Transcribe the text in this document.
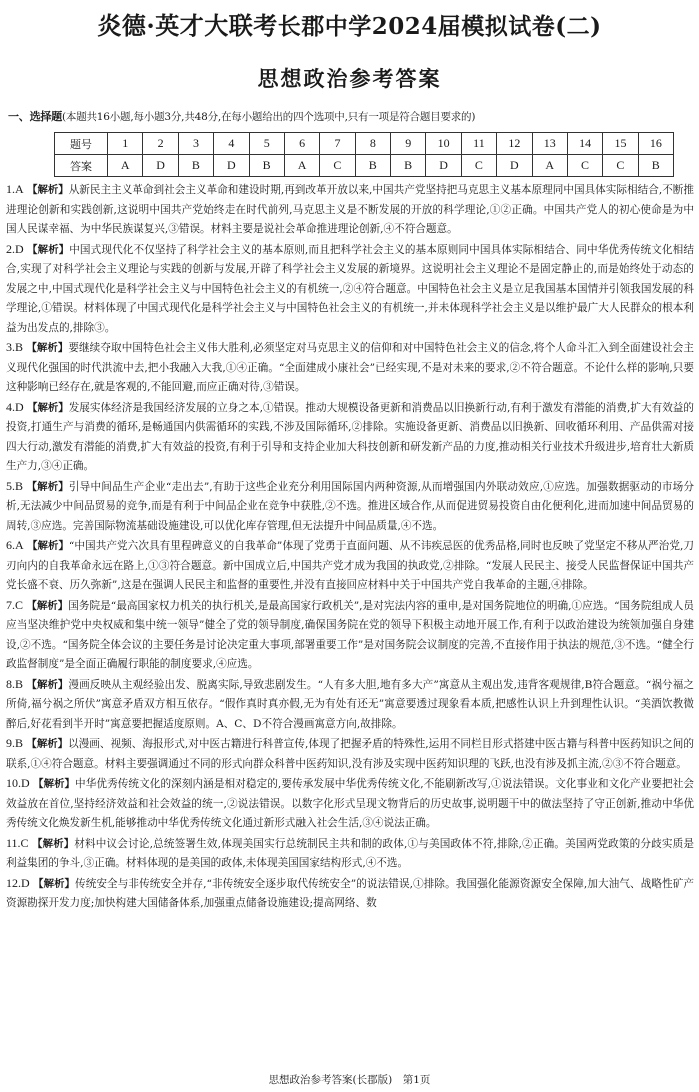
炎德·英才大联考长郡中学2024届模拟试卷(二)
思想政治参考答案
一、选择题(本题共16小题,每小题3分,共48分,在每小题给出的四个选项中,只有一项是符合题目要求的)
题号	1	2	3	4	5	6	7	8	9	10	11	12	13	14	15	16
答案	A	D	B	D	B	A	C	B	B	D	C	D	A	C	C	B

1.A 【解析】从新民主主义革命到社会主义革命和建设时期,再到改革开放以来,中国共产党坚持把马克思主义基本原理同中国具体实际相结合,不断推进理论创新和实践创新,这说明中国共产党始终走在时代前列,马克思主义是不断发展的开放的科学理论,①②正确。中国共产党人的初心使命是为中国人民谋幸福、为中华民族谋复兴,③错误。材料主要是说社会革命推进理论创新,④不符合题意。

2.D 【解析】中国式现代化不仅坚持了科学社会主义的基本原则,而且把科学社会主义的基本原则同中国具体实际相结合、同中华优秀传统文化相结合,实现了对科学社会主义理论与实践的创新与发展,开辟了科学社会主义发展的新境界。这说明社会主义理论不是固定静止的,而是始终处于动态的发展之中,中国式现代化是科学社会主义与中国特色社会主义的有机统一,②④符合题意。中国特色社会主义是立足我国基本国情并引领我国发展的科学理论,①错误。材料体现了中国式现代化是科学社会主义与中国特色社会主义的有机统一,并未体现科学社会主义是以维护最广大人民群众的根本利益为出发点的,排除③。

3.B 【解析】要继续夺取中国特色社会主义伟大胜利,必须坚定对马克思主义的信仰和对中国特色社会主义的信念,将个人命斗汇入到全面建设社会主义现代化强国的时代洪流中去,把小我融入大我,①④正确。“全面建成小康社会”已经实现,不是对未来的要求,②不符合题意。不论什么样的影响,只要这种影响已经存在,就是客观的,不能回避,而应正确对待,③错误。

4.D 【解析】发展实体经济是我国经济发展的立身之本,①错误。推动大规模设备更新和消费品以旧换新行动,有利于激发有潜能的消费,扩大有效益的投资,打通生产与消费的循环,是畅通国内供需循环的实践,不涉及国际循环,②排除。实施设备更新、消费品以旧换新、回收循环利用、产品供需对接四大行动,激发有潜能的消费,扩大有效益的投资,有利于引导和支持企业加大科技创新和研发新产品的力度,推动相关行业技术升级进步,培育壮大新质生产力,③④正确。

5.B 【解析】引导中间品生产企业“走出去”,有助于这些企业充分利用国际国内两种资源,从而增强国内外联动效应,①应选。加强数据驱动的市场分析,无法减少中间品贸易的竞争,而是有利于中间品企业在竞争中获胜,②不选。推进区域合作,从而促进贸易投资自由化便利化,进而加速中间品贸易的周转,③应选。完善国际物流基础设施建设,可以优化库存管理,但无法提升中间品质量,④不选。

6.A 【解析】“中国共产党六次具有里程碑意义的自我革命”体现了党勇于直面问题、从不讳疾忌医的优秀品格,同时也反映了党坚定不移从严治党,刀刃向内的自我革命永远在路上,①③符合题意。新中国成立后,中国共产党才成为我国的执政党,②排除。“发展人民民主、接受人民监督保证中国共产党长盛不衰、历久弥新”,这是在强调人民民主和监督的重要性,并没有直接回应材料中关于中国共产党自我革命的主题,④排除。

7.C 【解析】国务院是“最高国家权力机关的执行机关,是最高国家行政机关”,是对宪法内容的重申,是对国务院地位的明确,①应选。“国务院组成人员应当坚决维护党中央权威和集中统一领导”健全了党的领导制度,确保国务院在党的领导下积极主动地开展工作,有利于以政治建设为统领加强自身建设,②不选。“国务院全体会议的主要任务是讨论决定重大事项,部署重要工作”是对国务院会议制度的完善,不直接作用于执法的规范,③不选。“健全行政监督制度”是全面正确履行职能的制度要求,④应选。

8.B 【解析】漫画反映从主观经验出发、脱离实际,导致悲剧发生。“人有多大胆,地有多大产”寓意从主观出发,违背客观规律,B符合题意。“祸兮福之所倚,福兮祸之所伏”寓意矛盾双方相互依存。“假作真时真亦假,无为有处有还无”寓意要透过现象看本质,把感性认识上升到理性认识。“美酒饮教微醉后,好花看到半开时”寓意要把握适度原则。A、C、D不符合漫画寓意方向,故排除。

9.B 【解析】以漫画、视频、海报形式,对中医古籍进行科普宣传,体现了把握矛盾的特殊性,运用不同栏目形式搭建中医古籍与科普中医药知识之间的联系,①④符合题意。材料主要强调通过不同的形式向群众科普中医药知识,没有涉及实现中医药知识理的飞跃,也没有涉及抓主流,②③不符合题意。

10.D 【解析】中华优秀传统文化的深刻内涵是相对稳定的,要传承发展中华优秀传统文化,不能刷新改写,①说法错误。文化事业和文化产业要把社会效益放在首位,坚持经济效益和社会效益的统一,②说法错误。以数字化形式呈现文物背后的历史故事,说明题干中的做法坚持了守正创新,推动中华优秀传统文化焕发新生机,能够推动中华优秀传统文化通过新形式融入社会生活,③④说法正确。

11.C 【解析】材料中议会讨论,总统签署生效,体现美国实行总统制民主共和制的政体,①与美国政体不符,排除,②正确。美国两党政策的分歧实质是利益集团的争斗,③正确。材料体现的是美国的政体,未体现美国国家结构形式,④不选。

12.D 【解析】传统安全与非传统安全并存,“非传统安全逐步取代传统安全”的说法错误,①排除。我国强化能源资源安全保障,加大油气、战略性矿产资源勘探开发力度;加快构建大国储备体系,加强重点储备设施建设;提高网络、数

思想政治参考答案(长郡版)　第1页
